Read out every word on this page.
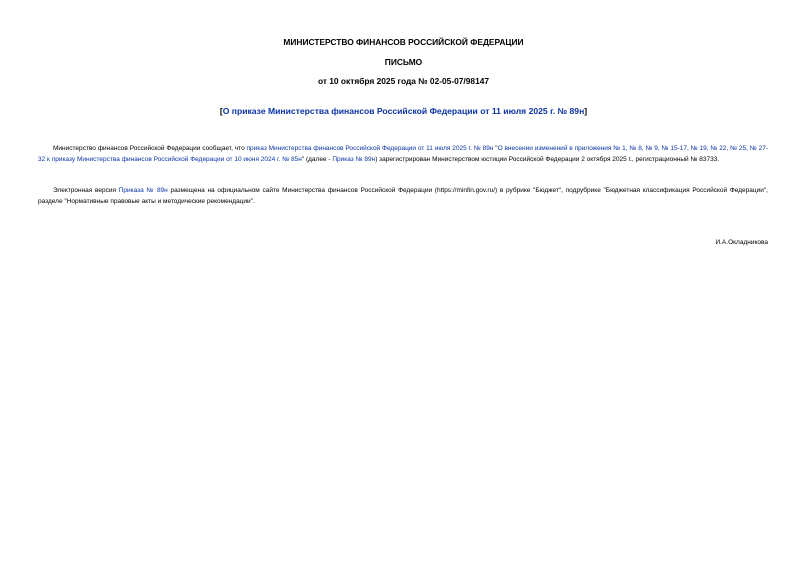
МИНИСТЕРСТВО ФИНАНСОВ РОССИЙСКОЙ ФЕДЕРАЦИИ
ПИСЬМО
от 10 октября 2025 года № 02-05-07/98147
[О приказе Министерства финансов Российской Федерации от 11 июля 2025 г. № 89н]

Министерство финансов Российской Федерации сообщает, что приказ Министерства финансов Российской Федерации от 11 июля 2025 г. № 89н "О внесении изменений в приложения № 1, № 8, № 9, № 15-17, № 19, № 22, № 25, № 27-32 к приказу Министерства финансов Российской Федерации от 10 июня 2024 г. № 85н" (далее - Приказ № 89н) зарегистрирован Министерством юстиции Российской Федерации 2 октября 2025 г., регистрационный № 83733.

Электронная версия Приказа № 89н размещена на официальном сайте Министерства финансов Российской Федерации (https://minfin.gov.ru/) в рубрике "Бюджет", подрубрике "Бюджетная классификация Российской Федерации", разделе "Нормативные правовые акты и методические рекомендации".

И.А.Окладникова
